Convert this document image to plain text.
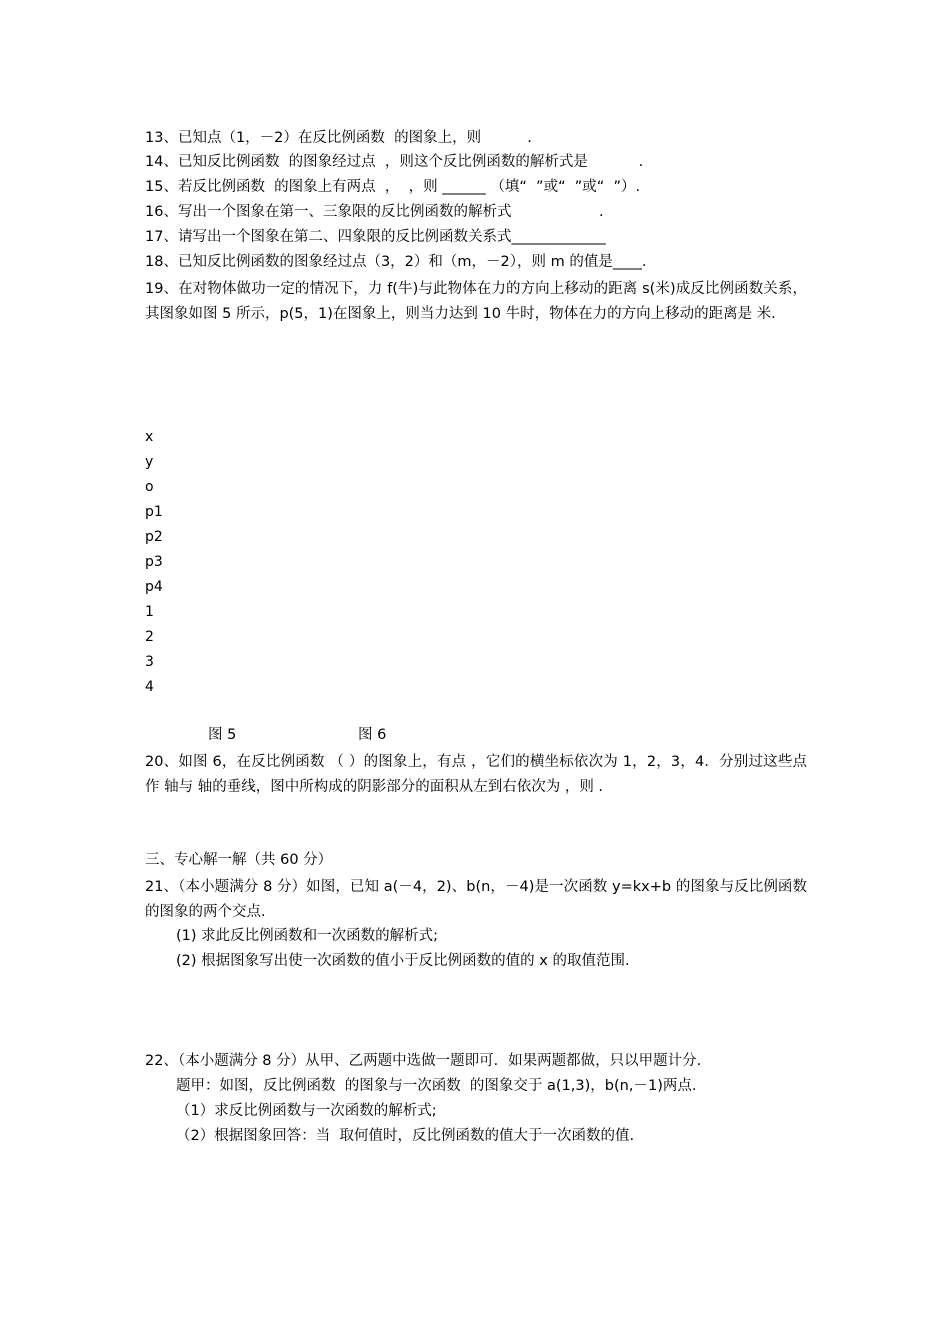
13、已知点（1，－2）在反比例函数  的图象上，则          .
14、已知反比例函数  的图象经过点  ，则这个反比例函数的解析式是           .
15、若反比例函数  的图象上有两点  ，  ，则 ______ （填“  ”或“  ”或“  ”）.
16、写出一个图象在第一、三象限的反比例函数的解析式                   .
17、请写出一个图象在第二、四象限的反比例函数关系式_____________
18、已知反比例函数的图象经过点（3，2）和（m，－2），则 m 的值是____.
19、在对物体做功一定的情况下，力 f(牛)与此物体在力的方向上移动的距离 s(米)成反比例函数关系，其图象如图 5 所示，p(5，1)在图象上，则当力达到 10 牛时，物体在力的方向上移动的距离是 米.
x
y
o
p1
p2
p3
p4
1
2
3
4
图 5	图 6
20、如图 6，在反比例函数 （ ）的图象上，有点 ，它们的横坐标依次为 1，2，3，4．分别过这些点作 轴与 轴的垂线，图中所构成的阴影部分的面积从左到右依次为 ，则 .
三、专心解一解（共 60 分）
21、（本小题满分 8 分）如图，已知 a(－4，2)、b(n，－4)是一次函数 y=kx+b 的图象与反比例函数 的图象的两个交点.
(1) 求此反比例函数和一次函数的解析式;
(2) 根据图象写出使一次函数的值小于反比例函数的值的 x 的取值范围.
22、（本小题满分 8 分）从甲、乙两题中选做一题即可．如果两题都做，只以甲题计分.
题甲：如图，反比例函数  的图象与一次函数  的图象交于 a(1,3)，b(n,－1)两点.
（1）求反比例函数与一次函数的解析式;
（2）根据图象回答：当  取何值时，反比例函数的值大于一次函数的值.
